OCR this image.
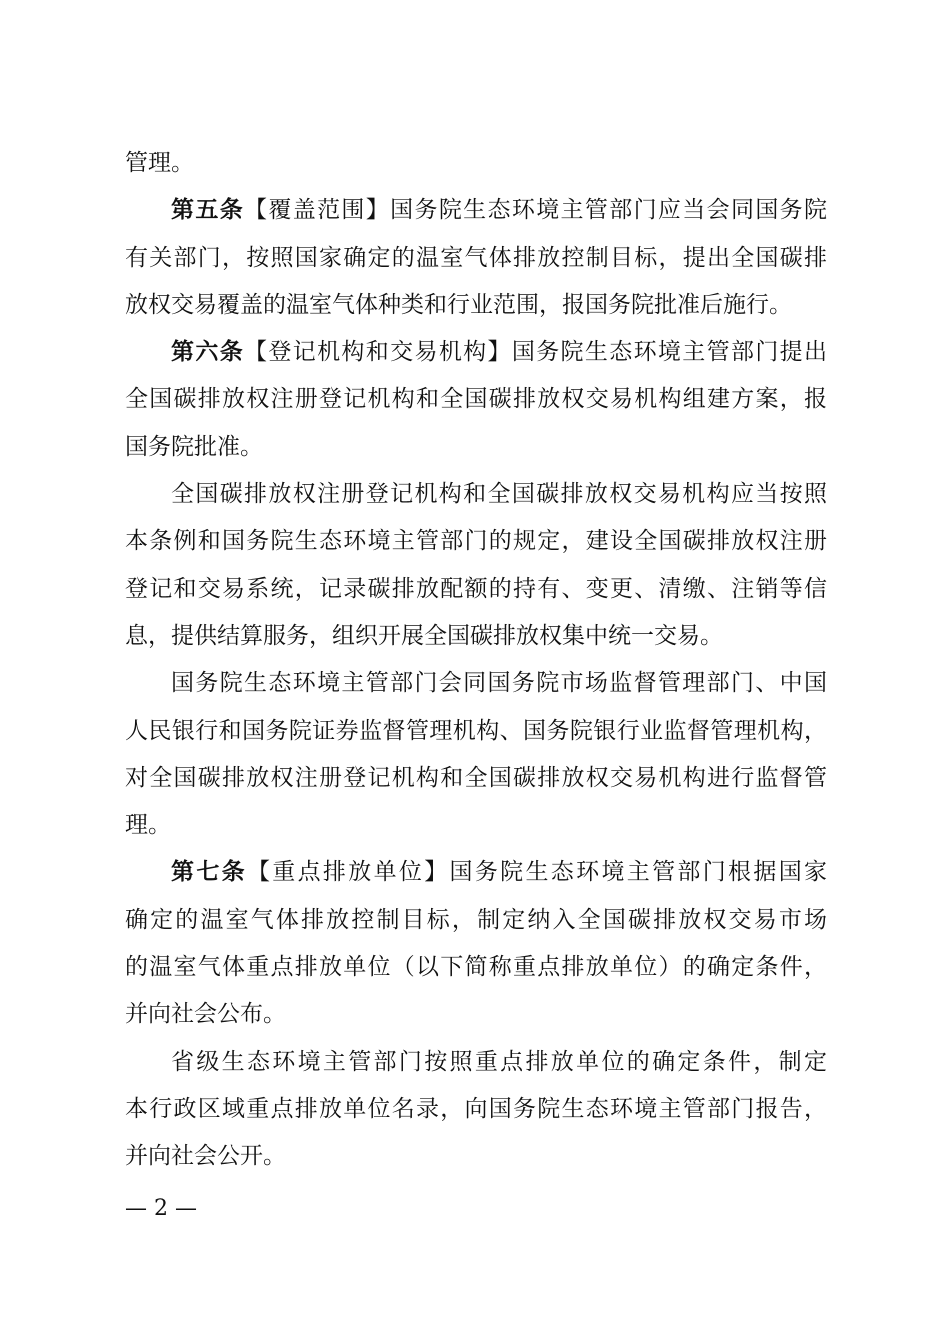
管理。
第五条【覆盖范围】国务院生态环境主管部门应当会同国务院
有关部门，按照国家确定的温室气体排放控制目标，提出全国碳排
放权交易覆盖的温室气体种类和行业范围，报国务院批准后施行。
第六条【登记机构和交易机构】国务院生态环境主管部门提出
全国碳排放权注册登记机构和全国碳排放权交易机构组建方案，报
国务院批准。
全国碳排放权注册登记机构和全国碳排放权交易机构应当按照
本条例和国务院生态环境主管部门的规定，建设全国碳排放权注册
登记和交易系统，记录碳排放配额的持有、变更、清缴、注销等信
息，提供结算服务，组织开展全国碳排放权集中统一交易。
国务院生态环境主管部门会同国务院市场监督管理部门、中国
人民银行和国务院证券监督管理机构、国务院银行业监督管理机构，
对全国碳排放权注册登记机构和全国碳排放权交易机构进行监督管
理。
第七条【重点排放单位】国务院生态环境主管部门根据国家
确定的温室气体排放控制目标，制定纳入全国碳排放权交易市场
的温室气体重点排放单位（以下简称重点排放单位）的确定条件，
并向社会公布。
省级生态环境主管部门按照重点排放单位的确定条件，制定
本行政区域重点排放单位名录，向国务院生态环境主管部门报告，
并向社会公开。
— 2 —
